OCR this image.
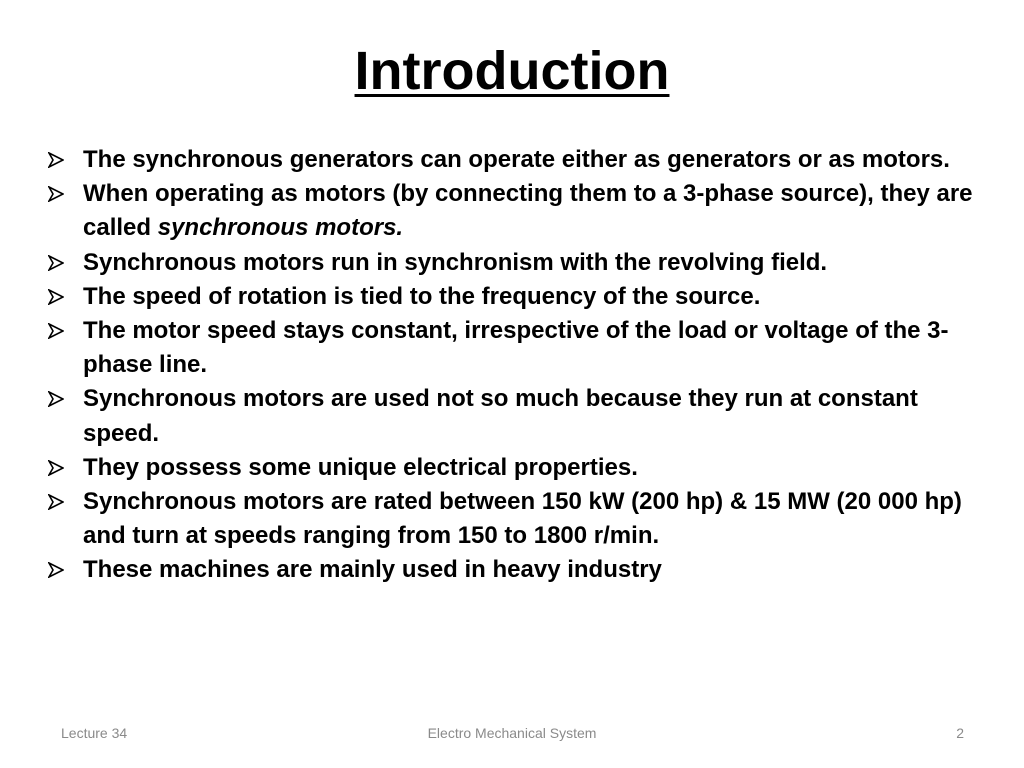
Introduction
The synchronous generators can operate either as generators or as motors.
When operating as motors (by connecting them to a 3-phase source), they are called synchronous motors.
Synchronous motors run in synchronism with the revolving field.
The speed of rotation is tied to the frequency of the source.
The motor speed stays constant, irrespective of the load or voltage of the 3-phase line.
Synchronous motors are used not so much because they run at constant speed.
They possess some unique electrical properties.
Synchronous motors are rated between 150 kW (200 hp) & 15 MW (20 000 hp) and turn at speeds ranging from 150 to 1800 r/min.
These machines are mainly used in heavy industry
Lecture 34	Electro Mechanical System	2
